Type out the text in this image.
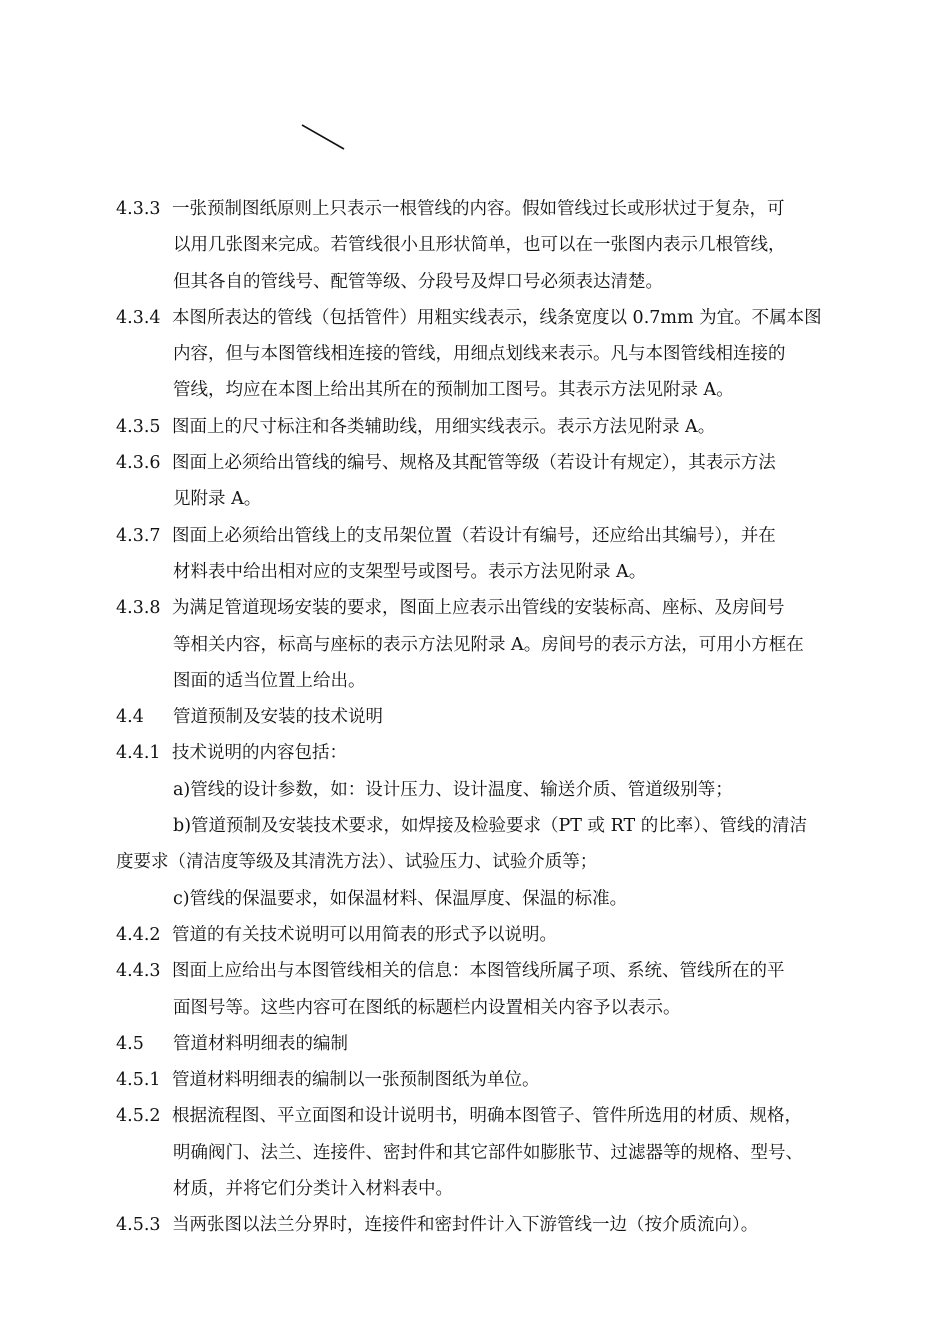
4.3.3 一张预制图纸原则上只表示一根管线的内容。假如管线过长或形状过于复杂，可
以用几张图来完成。若管线很小且形状简单，也可以在一张图内表示几根管线，
但其各自的管线号、配管等级、分段号及焊口号必须表达清楚。
4.3.4 本图所表达的管线（包括管件）用粗实线表示，线条宽度以 0.7mm 为宜。不属本图
内容，但与本图管线相连接的管线，用细点划线来表示。凡与本图管线相连接的
管线，均应在本图上给出其所在的预制加工图号。其表示方法见附录 A。
4.3.5 图面上的尺寸标注和各类辅助线，用细实线表示。表示方法见附录 A。
4.3.6 图面上必须给出管线的编号、规格及其配管等级（若设计有规定），其表示方法
见附录 A。
4.3.7 图面上必须给出管线上的支吊架位置（若设计有编号，还应给出其编号），并在
材料表中给出相对应的支架型号或图号。表示方法见附录 A。
4.3.8 为满足管道现场安装的要求，图面上应表示出管线的安装标高、座标、及房间号
等相关内容，标高与座标的表示方法见附录 A。房间号的表示方法，可用小方框在
图面的适当位置上给出。
4.4 管道预制及安装的技术说明
4.4.1 技术说明的内容包括：
a)管线的设计参数，如：设计压力、设计温度、输送介质、管道级别等；
b)管道预制及安装技术要求，如焊接及检验要求（PT 或 RT 的比率）、管线的清洁
度要求（清洁度等级及其清洗方法）、试验压力、试验介质等；
c)管线的保温要求，如保温材料、保温厚度、保温的标准。
4.4.2 管道的有关技术说明可以用简表的形式予以说明。
4.4.3 图面上应给出与本图管线相关的信息：本图管线所属子项、系统、管线所在的平
面图号等。这些内容可在图纸的标题栏内设置相关内容予以表示。
4.5 管道材料明细表的编制
4.5.1 管道材料明细表的编制以一张预制图纸为单位。
4.5.2 根据流程图、平立面图和设计说明书，明确本图管子、管件所选用的材质、规格，
明确阀门、法兰、连接件、密封件和其它部件如膨胀节、过滤器等的规格、型号、
材质，并将它们分类计入材料表中。
4.5.3 当两张图以法兰分界时，连接件和密封件计入下游管线一边（按介质流向）。
